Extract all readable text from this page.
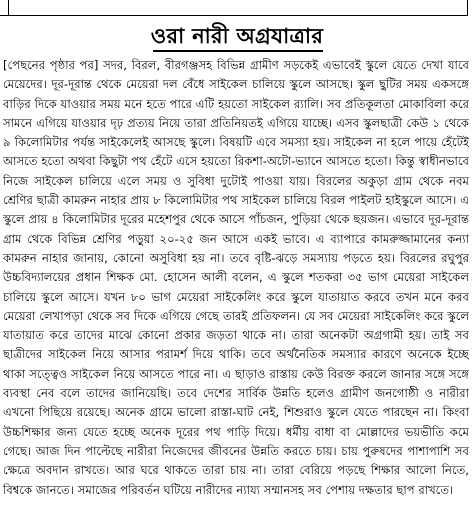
ওরা নারী অগ্রযাত্রার

[ পেছনের পৃষ্ঠার পর ] সদর, বিরল, বীরগঞ্জসহ বিভিন্ন গ্রামীণ সড়কেই এভাবেই স্কুলে যেতে দেখা যাবে মেয়েদের। দূর-দূরান্ত থেকে মেয়েরা দল বেঁধে সাইকেল চালিয়ে স্কুলে আসছে। স্কুল ছুটির সময় একসঙ্গে বাড়ির দিকে যাওয়ার সময় মনে হতে পারে এটি হয়তো সাইকেল র‍্যালি। সব প্রতিকূলতা মোকাবিলা করে সামনে এগিয়ে যাওয়ার দৃঢ় প্রত্যয় নিয়ে তারা প্রতিনিয়তই এগিয়ে যাচ্ছে। এসব স্কুলছাত্রী কেউ ১ থেকে ৯ কিলোমিটার পর্যন্ত সাইকেলেই আসছে স্কুলে। বিষয়টি এবে সমস্যা হয়। সাইকেল না হলে পায়ে হেঁটেই আসতে হতো অথবা কিছুটা পথ হেঁটে এসে হয়তো রিকশা-অটো-ভ্যানে আসতে হতো। কিন্তু স্বাধীনভাবে নিজে সাইকেল চালিয়ে এলে সময় ও সুবিধা দুটোই পাওয়া যায়। বিরলের অকুড়া গ্রাম থেকে নবম শ্রেণির ছাত্রী কামরুন নাহার প্রায় ৮ কিলোমিটার পথ সাইকেল চালিয়ে বিরল পাইলট হাইস্কুলে আসে। এ স্কুলে প্রায় ৪ কিলোমিটার দূরের মহেশপুর থেকে আসে পাঁচজন, পুড়িয়া থেকে ছয়জন। এভাবে দূর-দূরান্ত গ্রাম থেকে বিভিন্ন শ্রেণির পড়ুয়া ২০-২৫ জন আসে একই ভাবে। এ ব্যাপারে কামরুজ্জামানের কন্যা কামরুন নাহার জানায়, কোনো অসুবিধা হয় না। তবে বৃষ্টি-ঝড়ে সমস্যায় পড়তে হয়। বিরলের রঘুপুর উচ্চবিদ্যালয়ের প্রধান শিক্ষক মো. হোসেন আলী বলেন, এ স্কুলে শতকরা ৩৫ ভাগ মেয়েরা সাইকেল চালিয়ে স্কুলে আসে। যখন ৮০ ভাগ মেয়েরা সাইকেলিং করে স্কুলে যাতায়াত করবে তখন মনে করব মেয়েরা লেখাপড়া থেকে সব দিকে এগিয়ে গেছে তারই প্রতিফলন। যে সব মেয়েরা সাইকেলিং করে স্কুলে যাতায়াত করে তাদের মাঝে কোনো প্রকার জড়তা থাকে না। তারা অনেকটা অগ্রগামী হয়। তাই সব ছাত্রীদের সাইকেল নিয়ে আসার পরামর্শ দিয়ে থাকি। তবে অর্থনৈতিক সমস্যার কারণে অনেকে ইচ্ছে থাকা সত্ত্বেও সাইকেল নিয়ে আসতে পারে না। এ ছাড়াও রাস্তায় কেউ বিরক্ত করলে জানার সঙ্গে সঙ্গে ব্যবস্থা নেব বলে তাদের জানিয়েছি। তবে দেশের সার্বিক উন্নতি হলেও গ্রামীণ জনগোষ্ঠী ও নারীরা এখনো পিছিয়ে রয়েছে। অনেক গ্রামে ভালো রাস্তা-ঘাট নেই, শিশুরাও স্কুলে যেতে পারছেন না। কিংবা উচ্চশিক্ষার জন্য যেতে হচ্ছে অনেক দূরের পথ পাড়ি দিয়ে। ধর্মীয় বাধা বা মোল্লাদের ভয়ভীতি কমে গেছে। আজ দিন পাল্টেছে নারীরা নিজেদের জীবনের উন্নতি করতে চায়। চায় পুরুষদের পাশাপাশি সব ক্ষেত্রে অবদান রাখতে। আর ঘরে থাকতে তারা চায় না। তারা বেরিয়ে পড়ছে শিক্ষার আলো নিতে, বিশ্বকে জানতে। সমাজের পরিবর্তন ঘটিয়ে নারীদের ন্যায্য সম্মানসহ সব পেশায় দক্ষতার ছাপ রাখতে।
